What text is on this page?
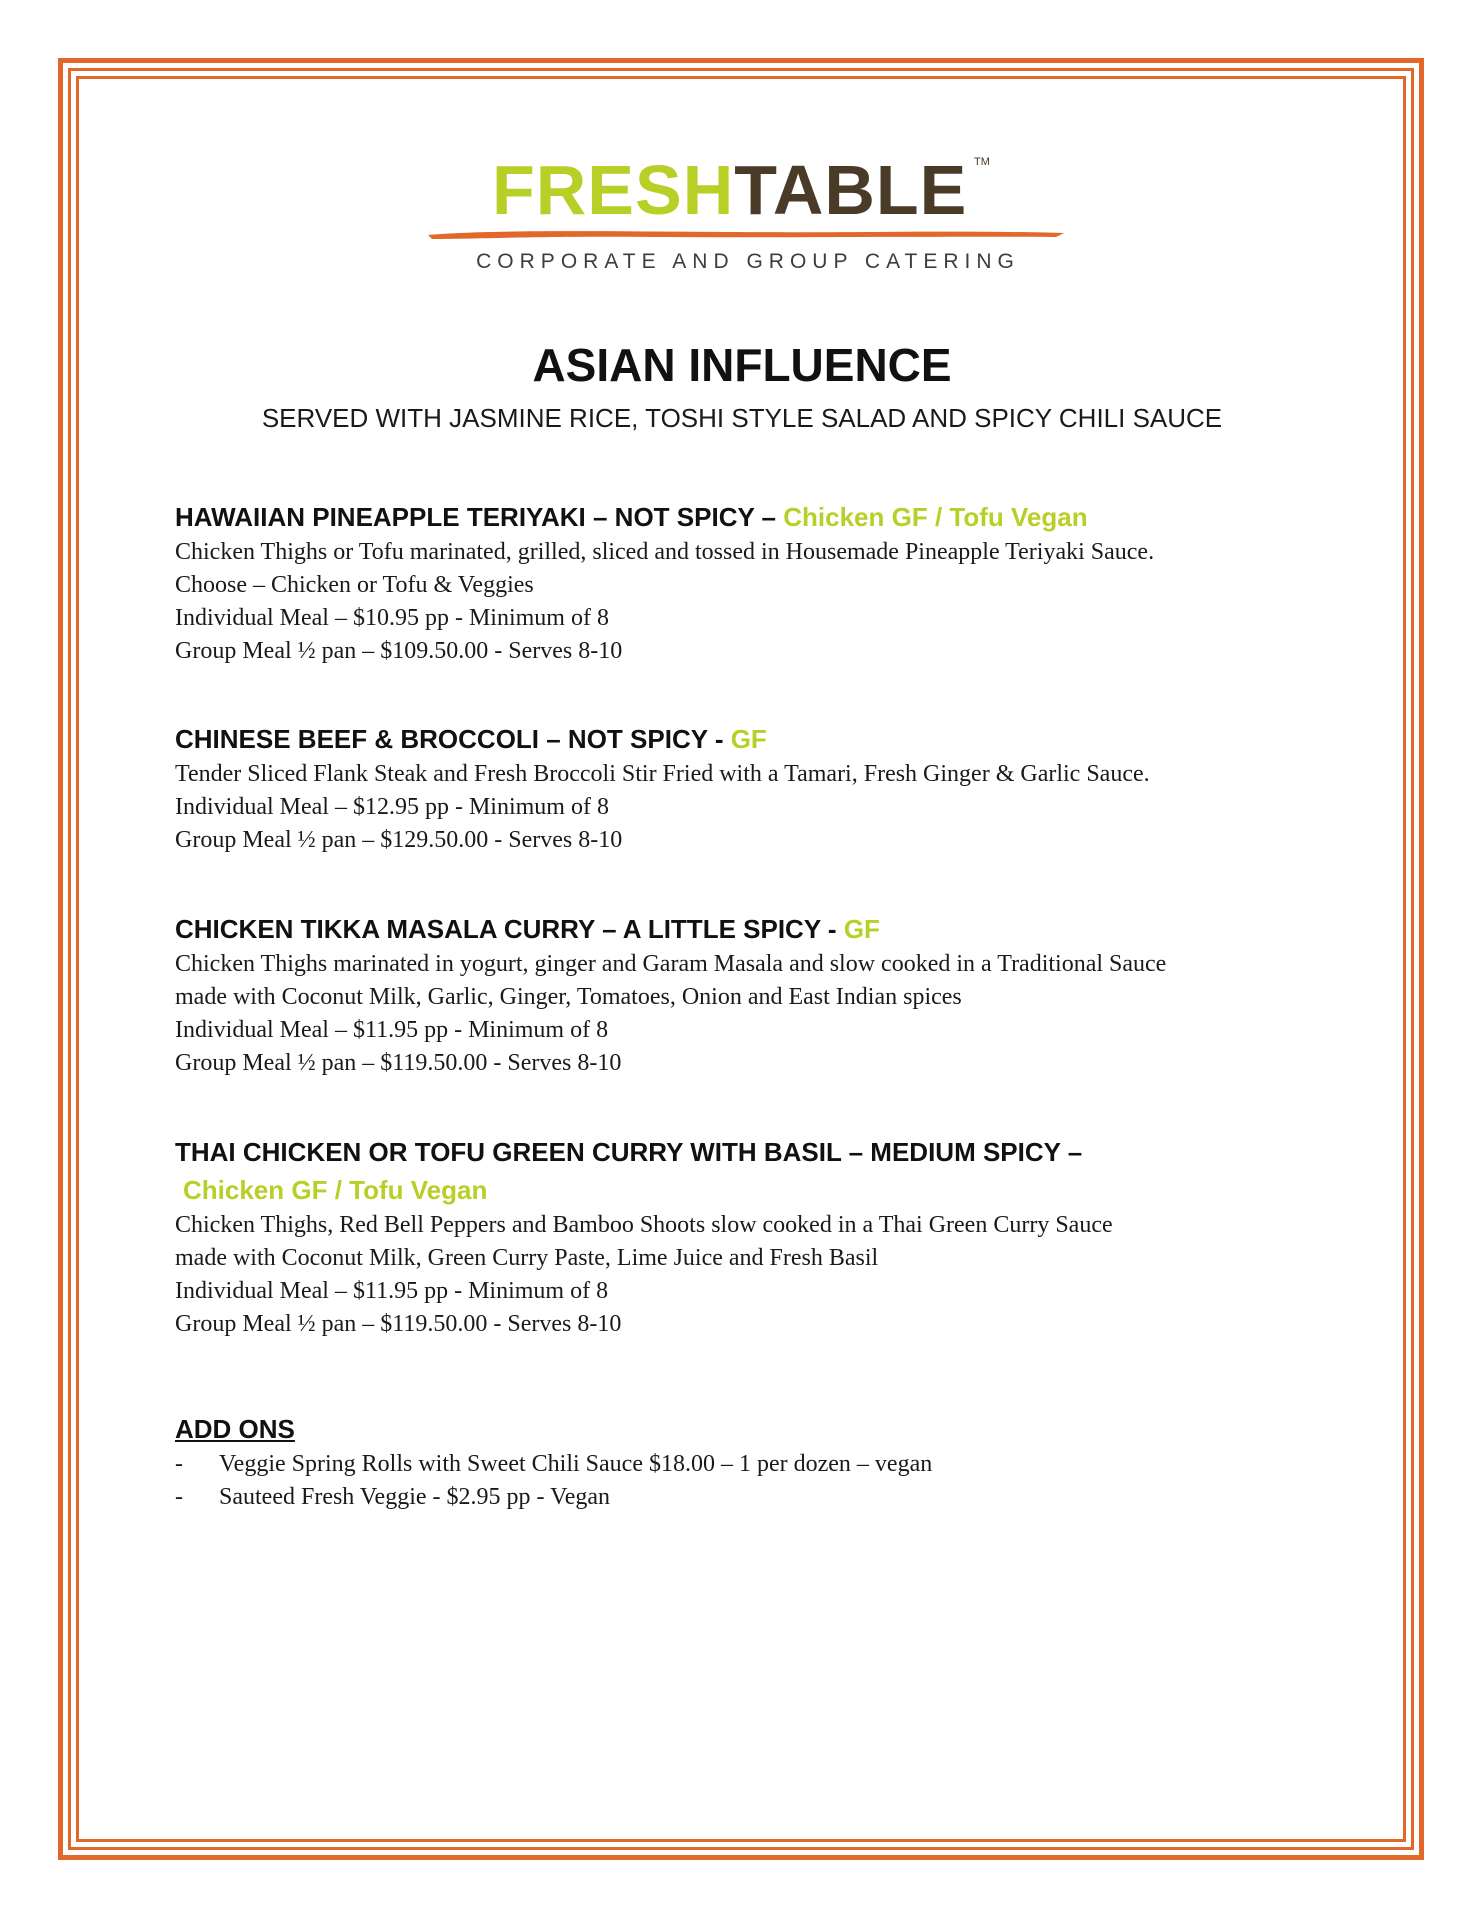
FRESHTABLE TM
CORPORATE AND GROUP CATERING
ASIAN INFLUENCE
SERVED WITH JASMINE RICE, TOSHI STYLE SALAD AND SPICY CHILI SAUCE
HAWAIIAN PINEAPPLE TERIYAKI – NOT SPICY – Chicken GF / Tofu Vegan
Chicken Thighs or Tofu marinated, grilled, sliced and tossed in Housemade Pineapple Teriyaki Sauce.
Choose – Chicken or Tofu & Veggies
Individual Meal – $10.95 pp - Minimum of 8
Group Meal ½ pan – $109.50.00 - Serves 8-10
CHINESE BEEF & BROCCOLI – NOT SPICY - GF
Tender Sliced Flank Steak and Fresh Broccoli Stir Fried with a Tamari, Fresh Ginger & Garlic Sauce.
Individual Meal – $12.95 pp - Minimum of 8
Group Meal ½ pan – $129.50.00 - Serves 8-10
CHICKEN TIKKA MASALA CURRY – A LITTLE SPICY - GF
Chicken Thighs marinated in yogurt, ginger and Garam Masala and slow cooked in a Traditional Sauce
made with Coconut Milk, Garlic, Ginger, Tomatoes, Onion and East Indian spices
Individual Meal – $11.95 pp - Minimum of 8
Group Meal ½ pan – $119.50.00 - Serves 8-10
THAI CHICKEN OR TOFU GREEN CURRY WITH BASIL – MEDIUM SPICY –
Chicken GF / Tofu Vegan
Chicken Thighs, Red Bell Peppers and Bamboo Shoots slow cooked in a Thai Green Curry Sauce
made with Coconut Milk, Green Curry Paste, Lime Juice and Fresh Basil
Individual Meal – $11.95 pp - Minimum of 8
Group Meal ½ pan – $119.50.00 - Serves 8-10
ADD ONS
- Veggie Spring Rolls with Sweet Chili Sauce $18.00 – 1 per dozen – vegan
- Sauteed Fresh Veggie - $2.95 pp - Vegan
